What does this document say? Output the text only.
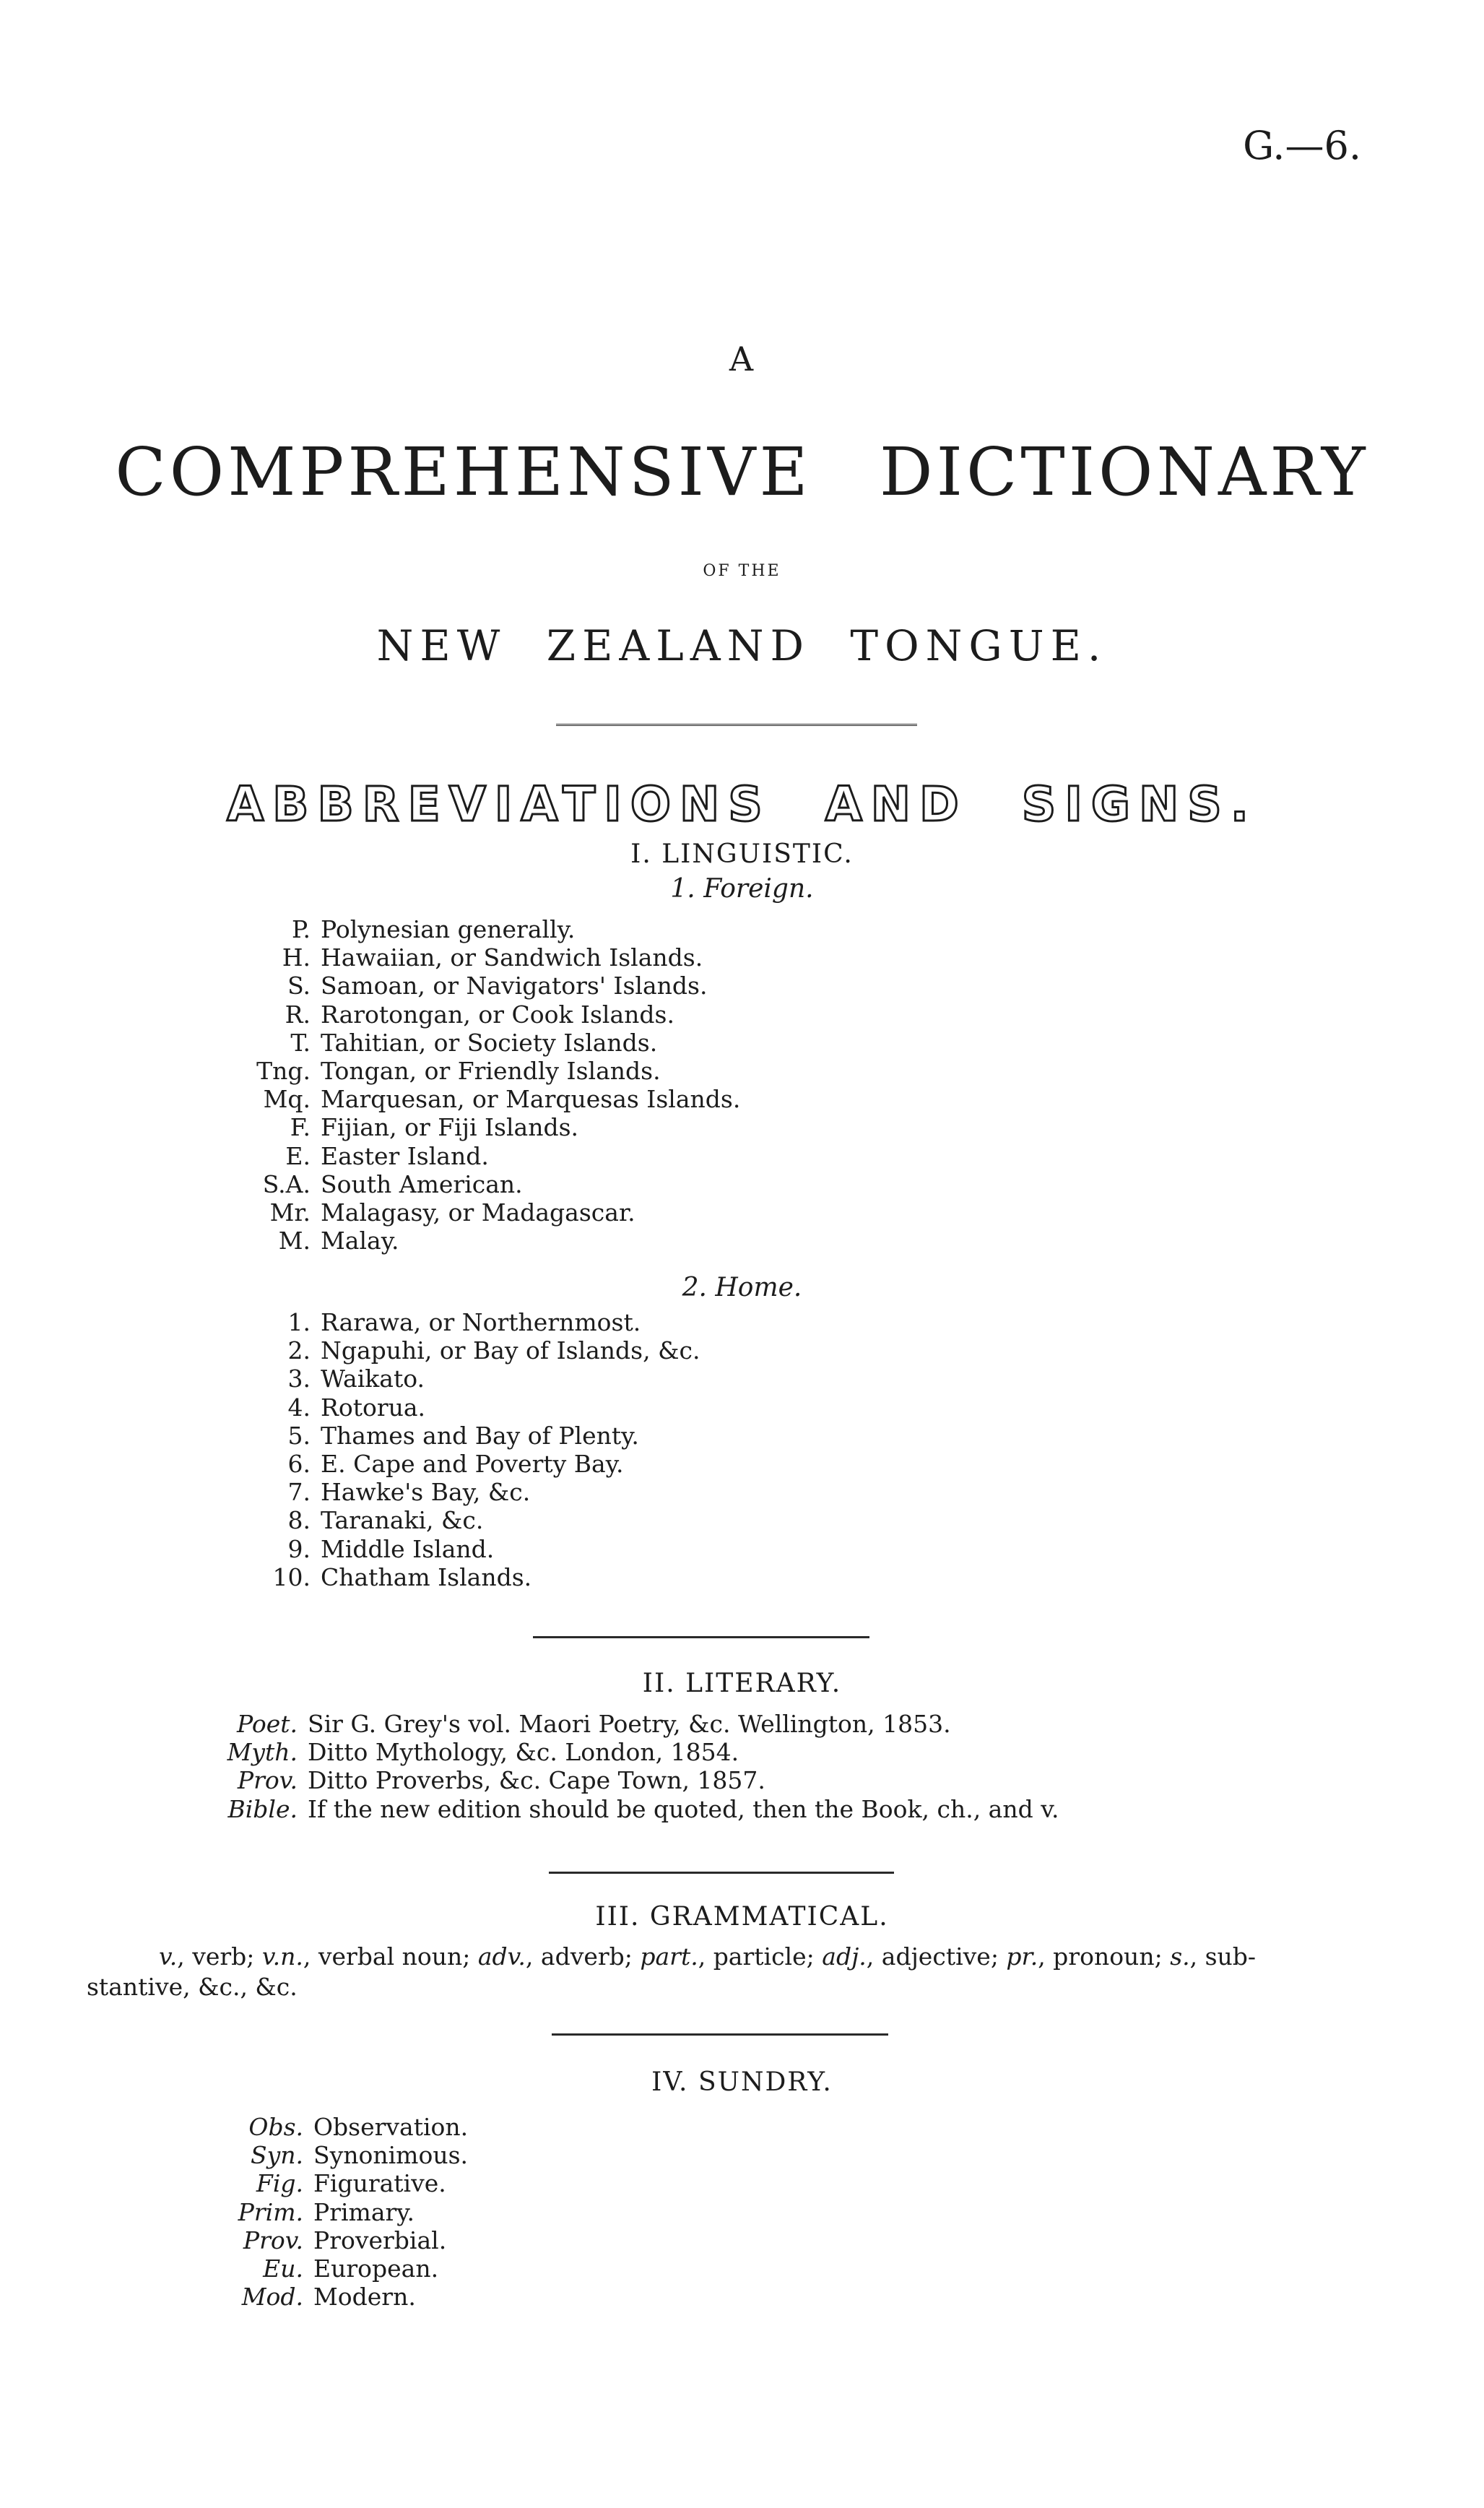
G.—6.
A
COMPREHENSIVE DICTIONARY
OF THE
NEW ZEALAND TONGUE.
ABBREVIATIONS AND SIGNS.
I. LINGUISTIC.
1. Foreign.
P. Polynesian generally.
H. Hawaiian, or Sandwich Islands.
S. Samoan, or Navigators' Islands.
R. Rarotongan, or Cook Islands.
T. Tahitian, or Society Islands.
Tng. Tongan, or Friendly Islands.
Mq. Marquesan, or Marquesas Islands.
F. Fijian, or Fiji Islands.
E. Easter Island.
S.A. South American.
Mr. Malagasy, or Madagascar.
M. Malay.
2. Home.
1. Rarawa, or Northernmost.
2. Ngapuhi, or Bay of Islands, &c.
3. Waikato.
4. Rotorua.
5. Thames and Bay of Plenty.
6. E. Cape and Poverty Bay.
7. Hawke's Bay, &c.
8. Taranaki, &c.
9. Middle Island.
10. Chatham Islands.
II. LITERARY.
Poet. Sir G. Grey's vol. Maori Poetry, &c. Wellington, 1853.
Myth. Ditto Mythology, &c. London, 1854.
Prov. Ditto Proverbs, &c. Cape Town, 1857.
Bible. If the new edition should be quoted, then the Book, ch., and v.
III. GRAMMATICAL.
v., verb; v.n., verbal noun; adv., adverb; part., particle; adj., adjective; pr., pronoun; s., sub-
stantive, &c., &c.
IV. SUNDRY.
Obs. Observation.
Syn. Synonimous.
Fig. Figurative.
Prim. Primary.
Prov. Proverbial.
Eu. European.
Mod. Modern.
